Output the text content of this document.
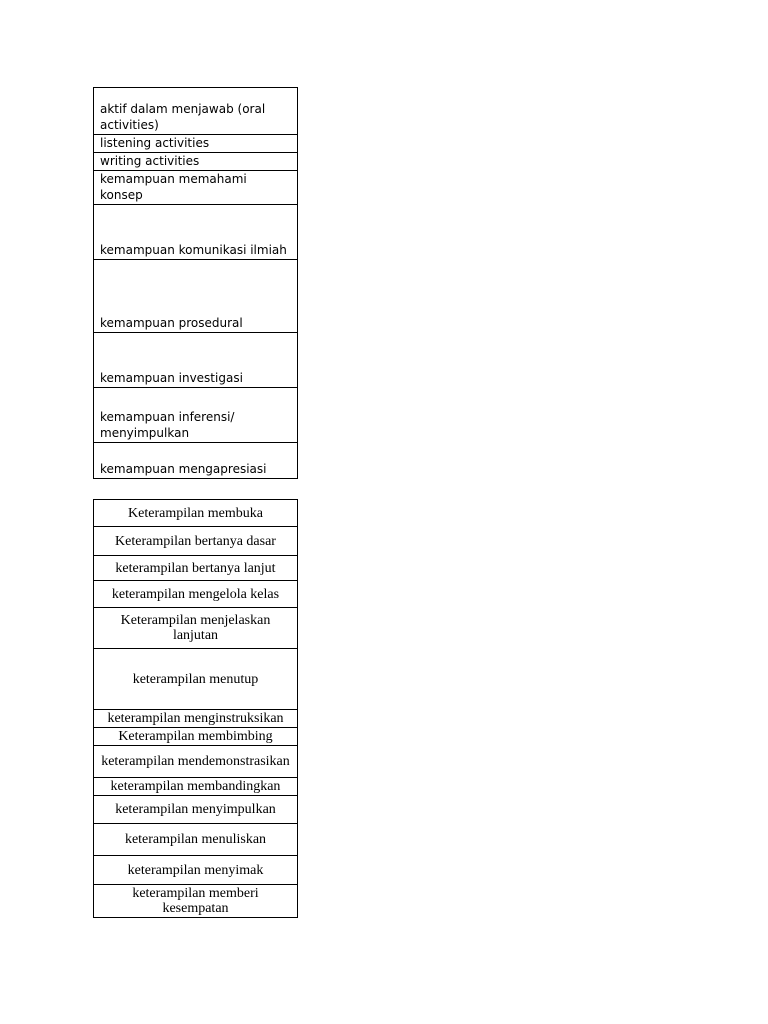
aktif dalam menjawab (oral activities)
listening activities
writing activities
kemampuan memahami konsep
kemampuan komunikasi ilmiah
kemampuan prosedural
kemampuan investigasi
kemampuan inferensi/ menyimpulkan
kemampuan mengapresiasi
Keterampilan membuka
Keterampilan bertanya dasar
keterampilan bertanya lanjut
keterampilan mengelola kelas
Keterampilan menjelaskan lanjutan
keterampilan menutup
keterampilan menginstruksikan
Keterampilan membimbing
keterampilan mendemonstrasikan
keterampilan membandingkan
keterampilan menyimpulkan
keterampilan menuliskan
keterampilan menyimak
keterampilan memberi kesempatan
